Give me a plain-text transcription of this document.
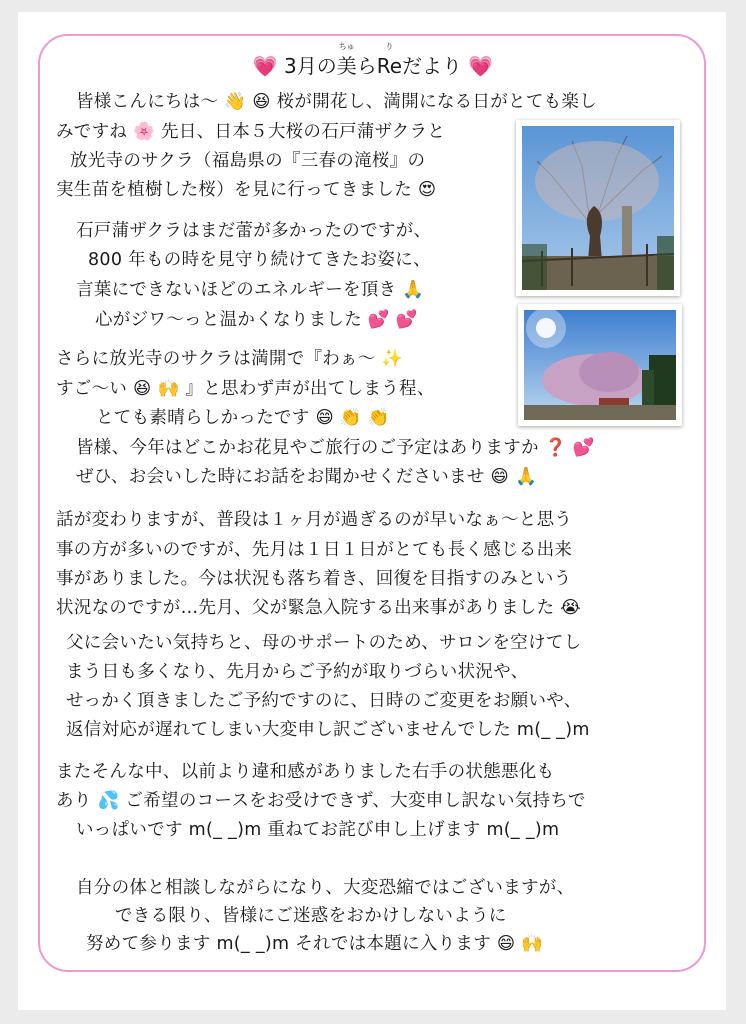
💗 3月の
ちゅ
美ら
り
Reだより 💗
皆様こんにちは〜 👋 😆 桜が開花し、満開になる日がとても楽し
みですね 🌸 先日、日本５大桜の石戸蒲ザクラと
放光寺のサクラ（福島県の『三春の滝桜』の
実生苗を植樹した桜）を見に行ってきました 😍
石戸蒲ザクラはまだ蕾が多かったのですが、
800 年もの時を見守り続けてきたお姿に、
言葉にできないほどのエネルギーを頂き 🙏
心がジワ〜っと温かくなりました 💕 💕
さらに放光寺のサクラは満開で『わぁ〜 ✨
すご〜い 😆 🙌 』と思わず声が出てしまう程、
とても素晴らしかったです 😄 👏 👏
皆様、今年はどこかお花見やご旅行のご予定はありますか ❓ 💕
ぜひ、お会いした時にお話をお聞かせくださいませ 😄 🙏
話が変わりますが、普段は１ヶ月が過ぎるのが早いなぁ〜と思う
事の方が多いのですが、先月は１日１日がとても長く感じる出来
事がありました。今は状況も落ち着き、回復を目指すのみという
状況なのですが…先月、父が緊急入院する出来事がありました 😭
父に会いたい気持ちと、母のサポートのため、サロンを空けてし
まう日も多くなり、先月からご予約が取りづらい状況や、
せっかく頂きましたご予約ですのに、日時のご変更をお願いや、
返信対応が遅れてしまい大変申し訳ございませんでした m(_ _)m
またそんな中、以前より違和感がありました右手の状態悪化も
あり 💦 ご希望のコースをお受けできず、大変申し訳ない気持ちで
いっぱいです m(_ _)m 重ねてお詫び申し上げます m(_ _)m
自分の体と相談しながらになり、大変恐縮ではございますが、
できる限り、皆様にご迷惑をおかけしないように
努めて参ります m(_ _)m それでは本題に入ります 😄 🙌
